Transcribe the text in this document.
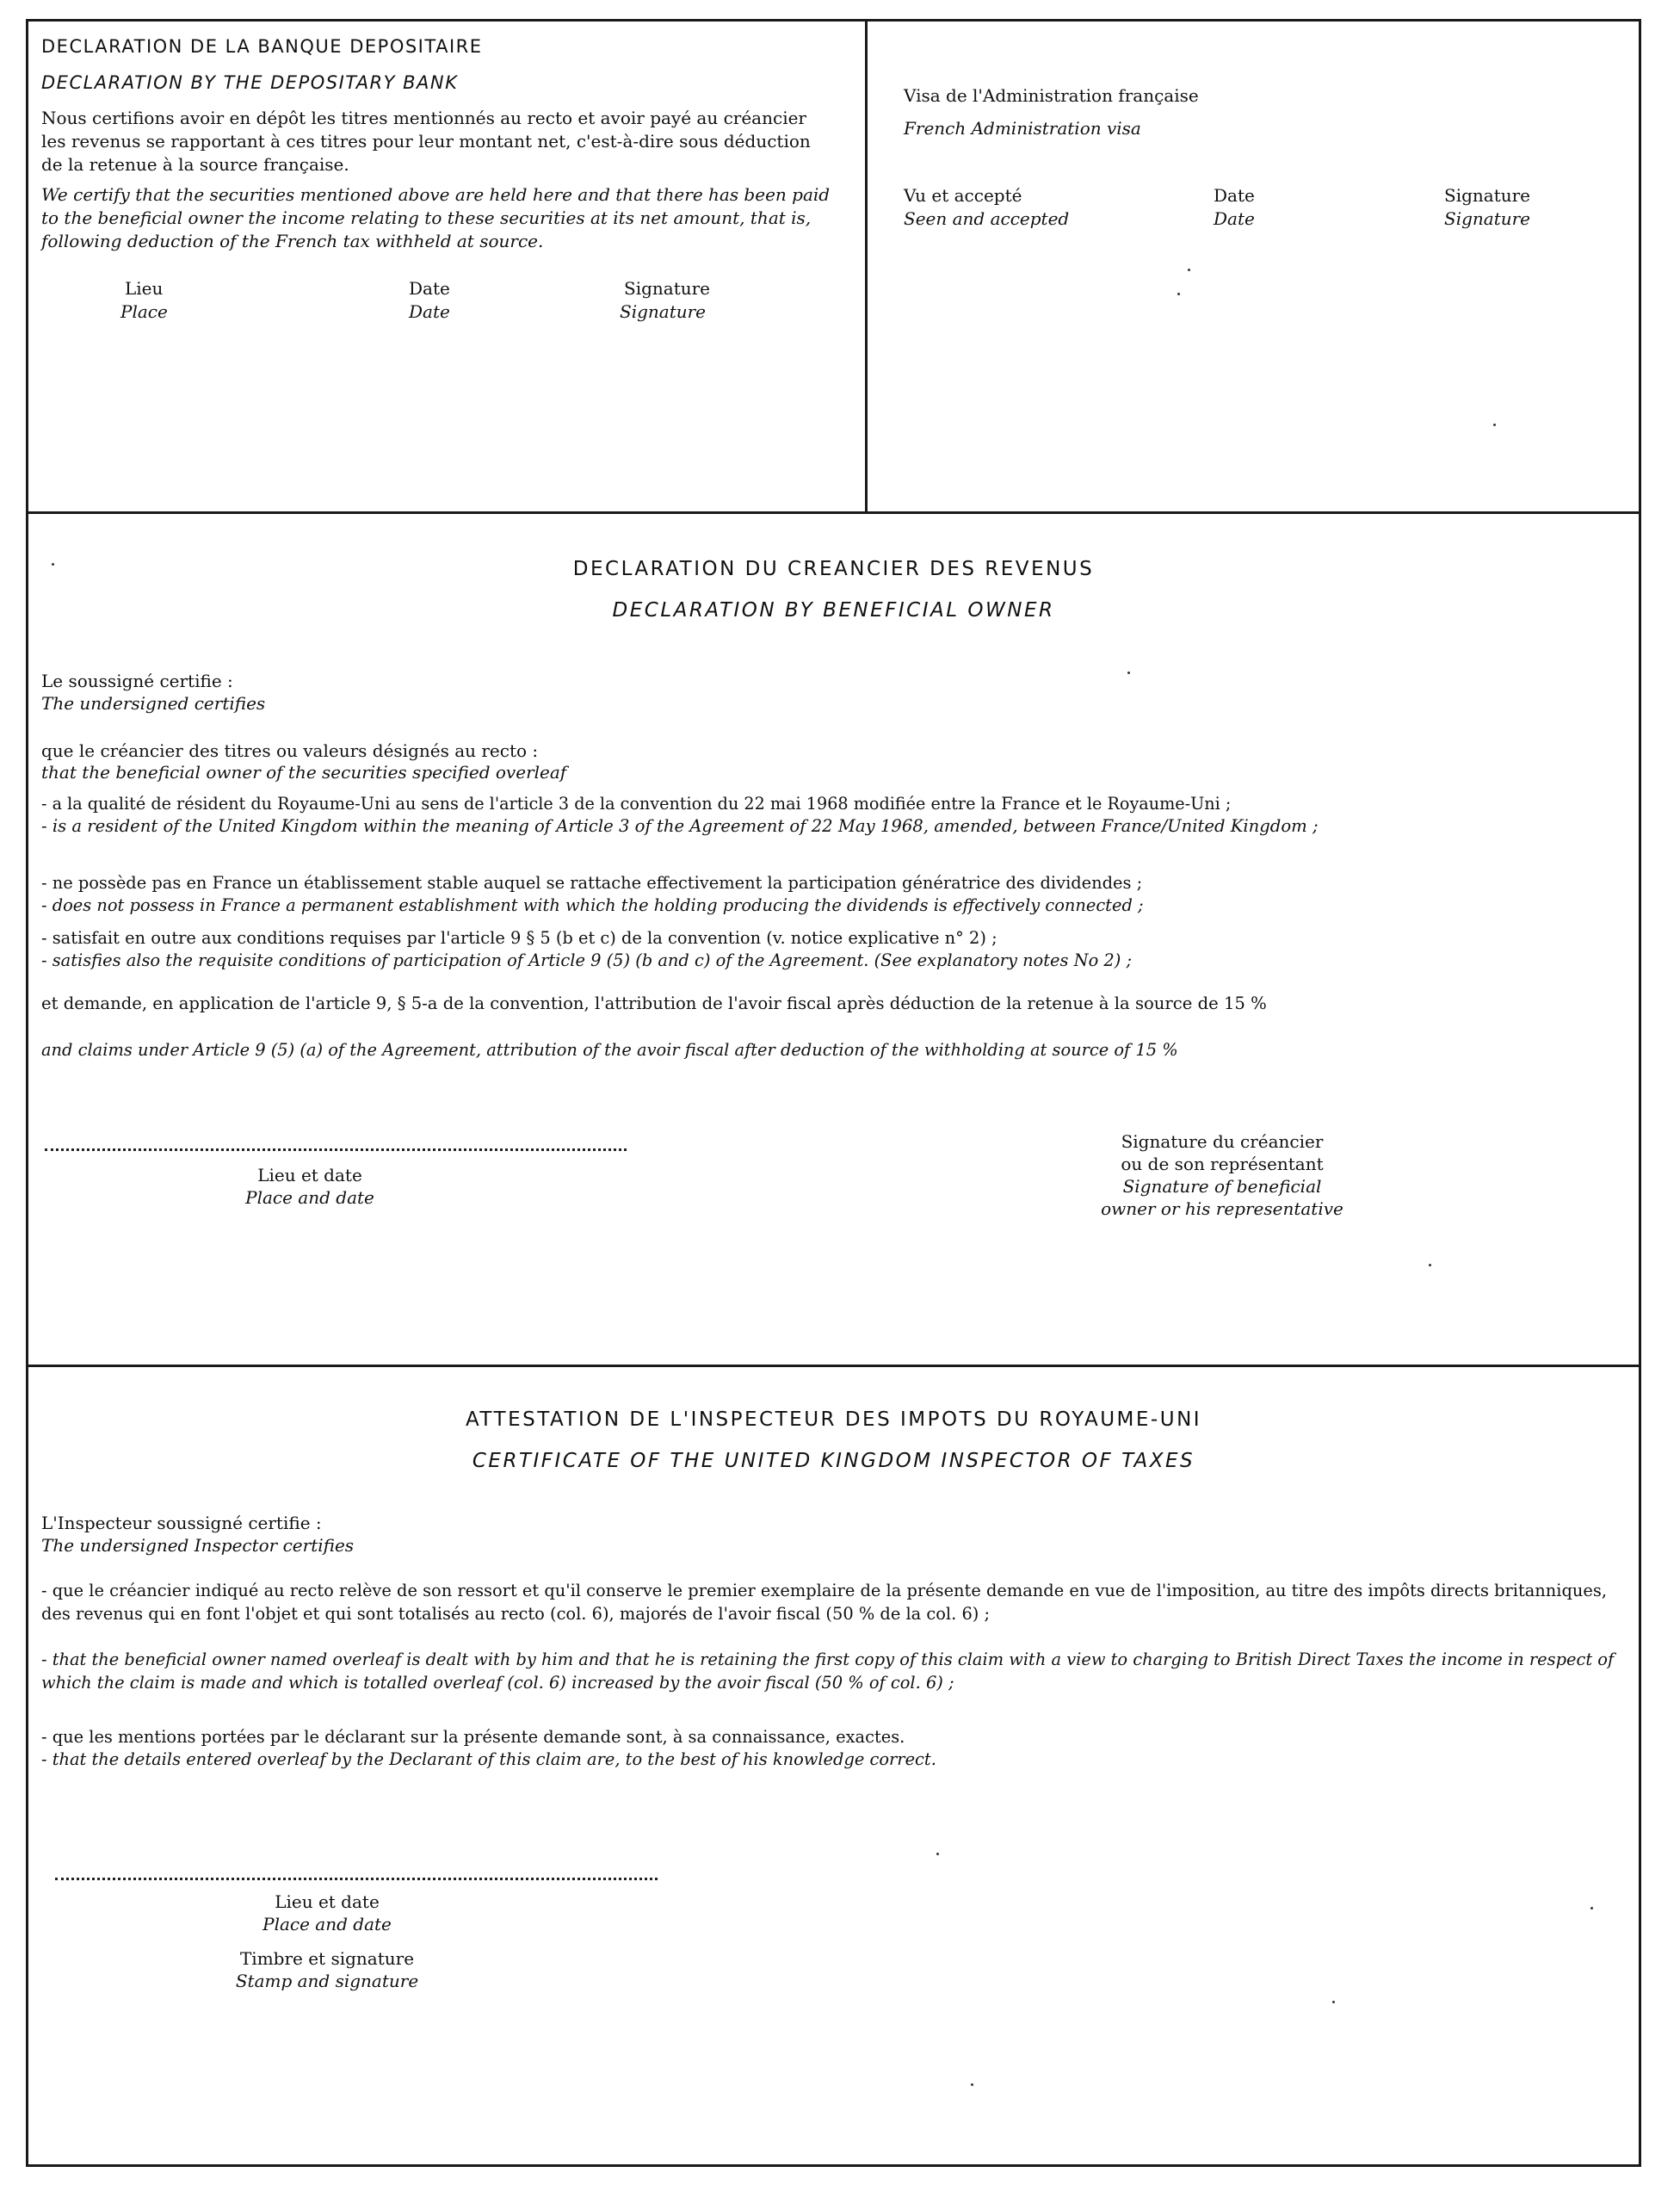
DECLARATION DE LA BANQUE DEPOSITAIRE
DECLARATION BY THE DEPOSITARY BANK
Nous certifions avoir en dépôt les titres mentionnés au recto et avoir payé au créancier les revenus se rapportant à ces titres pour leur montant net, c'est-à-dire sous déduction de la retenue à la source française.
We certify that the securities mentioned above are held here and that there has been paid to the beneficial owner the income relating to these securities at its net amount, that is, following deduction of the French tax withheld at source.
Lieu
Place
Date
Date
Signature
Signature
Visa de l'Administration française
French Administration visa
Vu et accepté
Seen and accepted
Date
Date
Signature
Signature
DECLARATION DU CREANCIER DES REVENUS
DECLARATION BY BENEFICIAL OWNER
Le soussigné certifie :
The undersigned certifies
que le créancier des titres ou valeurs désignés au recto :
that the beneficial owner of the securities specified overleaf
- a la qualité de résident du Royaume-Uni au sens de l'article 3 de la convention du 22 mai 1968 modifiée entre la France et le Royaume-Uni ;
- is a resident of the United Kingdom within the meaning of Article 3 of the Agreement of 22 May 1968, amended, between France/United Kingdom ;
- ne possède pas en France un établissement stable auquel se rattache effectivement la participation génératrice des dividendes ;
- does not possess in France a permanent establishment with which the holding producing the dividends is effectively connected ;
- satisfait en outre aux conditions requises par l'article 9 § 5 (b et c) de la convention (v. notice explicative n° 2) ;
- satisfies also the requisite conditions of participation of Article 9 (5) (b and c) of the Agreement. (See explanatory notes No 2) ;
et demande, en application de l'article 9, § 5-a de la convention, l'attribution de l'avoir fiscal après déduction de la retenue à la source de 15 %
and claims under Article 9 (5) (a) of the Agreement, attribution of the avoir fiscal after deduction of the withholding at source of 15 %
Lieu et date
Place and date
Signature du créancier
ou de son représentant
Signature of beneficial
owner or his representative
ATTESTATION DE L'INSPECTEUR DES IMPOTS DU ROYAUME-UNI
CERTIFICATE OF THE UNITED KINGDOM INSPECTOR OF TAXES
L'Inspecteur soussigné certifie :
The undersigned Inspector certifies
- que le créancier indiqué au recto relève de son ressort et qu'il conserve le premier exemplaire de la présente demande en vue de l'imposition, au titre des impôts directs britanniques, des revenus qui en font l'objet et qui sont totalisés au recto (col. 6), majorés de l'avoir fiscal (50 % de la col. 6) ;
- that the beneficial owner named overleaf is dealt with by him and that he is retaining the first copy of this claim with a view to charging to British Direct Taxes the income in respect of which the claim is made and which is totalled overleaf (col. 6) increased by the avoir fiscal (50 % of col. 6) ;
- que les mentions portées par le déclarant sur la présente demande sont, à sa connaissance, exactes.
- that the details entered overleaf by the Declarant of this claim are, to the best of his knowledge correct.
Lieu et date
Place and date
Timbre et signature
Stamp and signature
